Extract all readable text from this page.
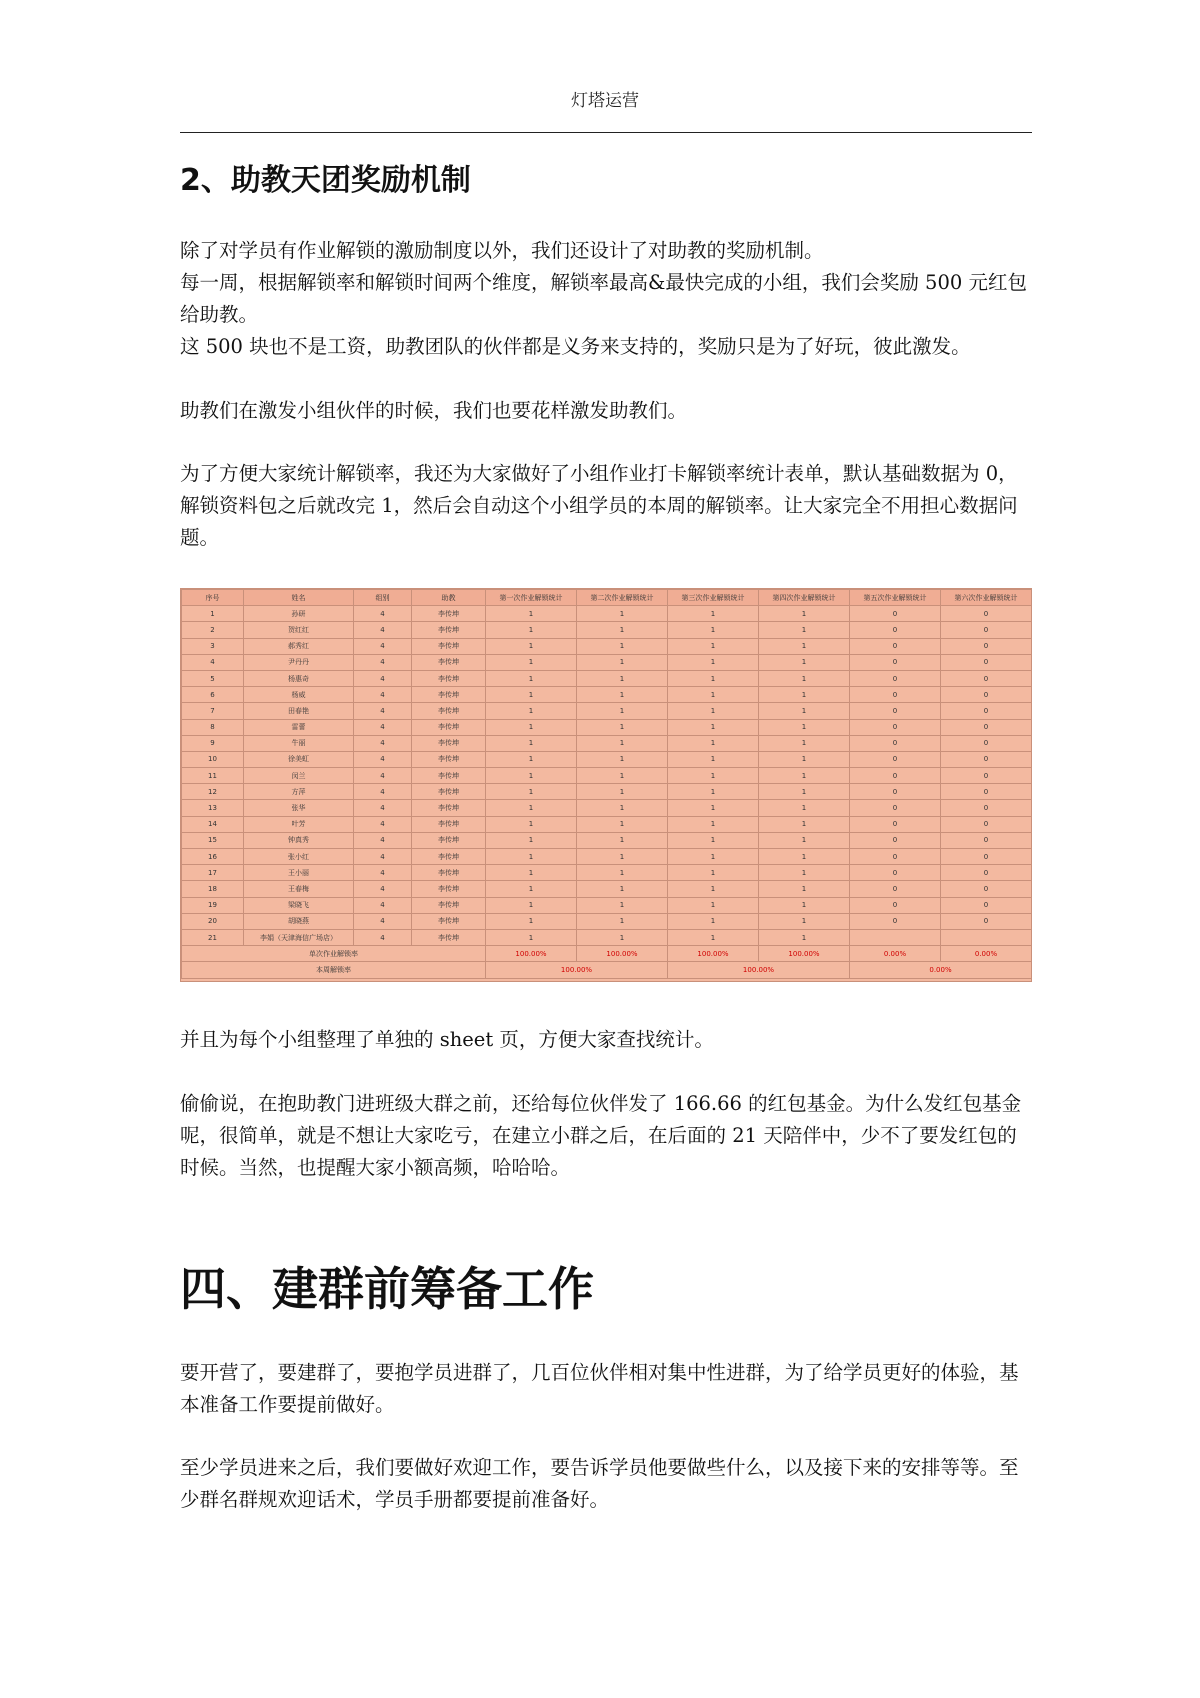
灯塔运营
2、助教天团奖励机制

除了对学员有作业解锁的激励制度以外，我们还设计了对助教的奖励机制。

每一周，根据解锁率和解锁时间两个维度，解锁率最高&最快完成的小组，我们会奖励 500 元红包给助教。

这 500 块也不是工资，助教团队的伙伴都是义务来支持的，奖励只是为了好玩，彼此激发。

助教们在激发小组伙伴的时候，我们也要花样激发助教们。

为了方便大家统计解锁率，我还为大家做好了小组作业打卡解锁率统计表单，默认基础数据为 0，解锁资料包之后就改完 1，然后会自动这个小组学员的本周的解锁率。让大家完全不用担心数据问题。

序号	姓名	组别	助教	第一次作业解锁统计	第二次作业解锁统计	第三次作业解锁统计	第四次作业解锁统计	第五次作业解锁统计	第六次作业解锁统计
1	孙研	4	李传坤	1	1	1	1	0	0
2	贺红红	4	李传坤	1	1	1	1	0	0
3	郝秀红	4	李传坤	1	1	1	1	0	0
4	尹丹丹	4	李传坤	1	1	1	1	0	0
5	杨惠奇	4	李传坤	1	1	1	1	0	0
6	杨威	4	李传坤	1	1	1	1	0	0
7	田春艳	4	李传坤	1	1	1	1	0	0
8	雷蕾	4	李传坤	1	1	1	1	0	0
9	牛丽	4	李传坤	1	1	1	1	0	0
10	徐美虹	4	李传坤	1	1	1	1	0	0
11	闵兰	4	李传坤	1	1	1	1	0	0
12	方萍	4	李传坤	1	1	1	1	0	0
13	张华	4	李传坤	1	1	1	1	0	0
14	叶芳	4	李传坤	1	1	1	1	0	0
15	钟真秀	4	李传坤	1	1	1	1	0	0
16	张小红	4	李传坤	1	1	1	1	0	0
17	王小丽	4	李传坤	1	1	1	1	0	0
18	王春梅	4	李传坤	1	1	1	1	0	0
19	梁晓飞	4	李传坤	1	1	1	1	0	0
20	胡晓燕	4	李传坤	1	1	1	1	0	0
21	李娟（天津海信广场店）	4	李传坤	1	1	1	1		
单次作业解锁率				100.00%	100.00%	100.00%	100.00%	0.00%	0.00%
本周解锁率				100.00%		100.00%		0.00%	

并且为每个小组整理了单独的 sheet 页，方便大家查找统计。

偷偷说，在抱助教门进班级大群之前，还给每位伙伴发了 166.66 的红包基金。为什么发红包基金呢，很简单，就是不想让大家吃亏，在建立小群之后，在后面的 21 天陪伴中，少不了要发红包的时候。当然，也提醒大家小额高频，哈哈哈。

四、建群前筹备工作

要开营了，要建群了，要抱学员进群了，几百位伙伴相对集中性进群，为了给学员更好的体验，基本准备工作要提前做好。

至少学员进来之后，我们要做好欢迎工作，要告诉学员他要做些什么，以及接下来的安排等等。至少群名群规欢迎话术，学员手册都要提前准备好。
